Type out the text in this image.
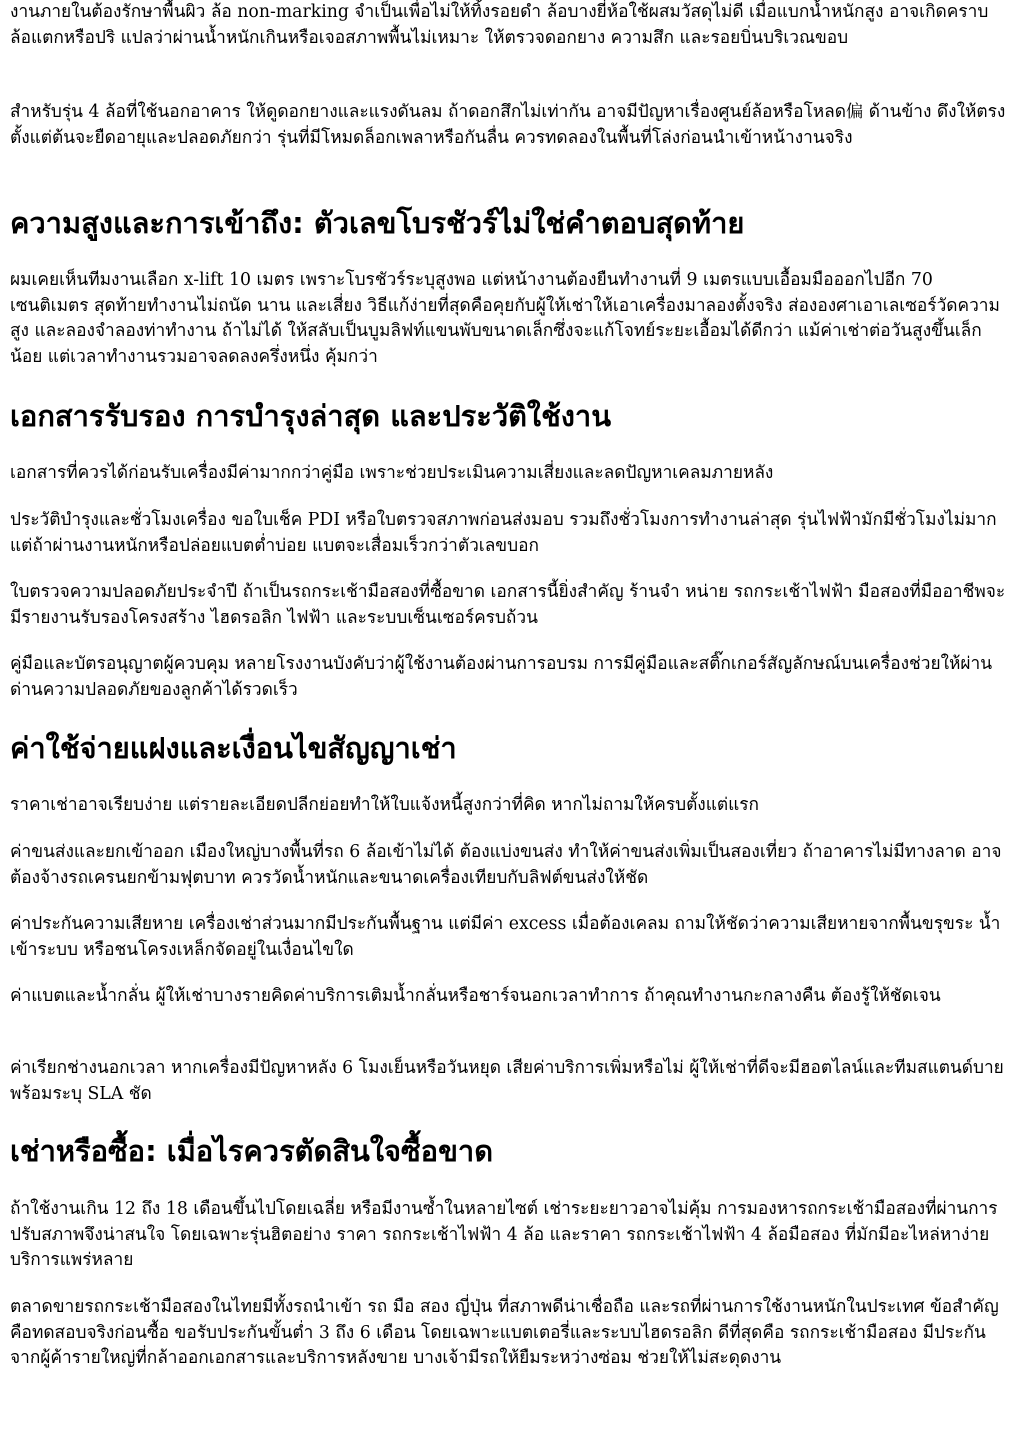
งานภายในต้องรักษาพื้นผิว ล้อ non-marking จำเป็นเพื่อไม่ให้ทิ้งรอยดำ ล้อบางยี่ห้อใช้ผสมวัสดุไม่ดี เมื่อแบกน้ำหนักสูง อาจเกิดคราบ ล้อแตกหรือปริ แปลว่าผ่านน้ำหนักเกินหรือเจอสภาพพื้นไม่เหมาะ ให้ตรวจดอกยาง ความสึก และรอยบิ่นบริเวณขอบ

สำหรับรุ่น 4 ล้อที่ใช้นอกอาคาร ให้ดูดอกยางและแรงดันลม ถ้าดอกสึกไม่เท่ากัน อาจมีปัญหาเรื่องศูนย์ล้อหรือโหลด偏 ด้านข้าง ดึงให้ตรงตั้งแต่ต้นจะยืดอายุและปลอดภัยกว่า รุ่นที่มีโหมดล็อกเพลาหรือกันลื่น ควรทดลองในพื้นที่โล่งก่อนนำเข้าหน้างานจริง

ความสูงและการเข้าถึง: ตัวเลขโบรชัวร์ไม่ใช่คำตอบสุดท้าย

ผมเคยเห็นทีมงานเลือก x-lift 10 เมตร เพราะโบรชัวร์ระบุสูงพอ แต่หน้างานต้องยืนทำงานที่ 9 เมตรแบบเอื้อมมือออกไปอีก 70 เซนติเมตร สุดท้ายทำงานไม่ถนัด นาน และเสี่ยง วิธีแก้ง่ายที่สุดคือคุยกับผู้ให้เช่าให้เอาเครื่องมาลองตั้งจริง ส่ององศาเอาเลเซอร์วัดความสูง และลองจำลองท่าทำงาน ถ้าไม่ได้ ให้สลับเป็นบูมลิฟท์แขนพับขนาดเล็กซึ่งจะแก้โจทย์ระยะเอื้อมได้ดีกว่า แม้ค่าเช่าต่อวันสูงขึ้นเล็กน้อย แต่เวลาทำงานรวมอาจลดลงครึ่งหนึ่ง คุ้มกว่า

เอกสารรับรอง การบำรุงล่าสุด และประวัติใช้งาน

เอกสารที่ควรได้ก่อนรับเครื่องมีค่ามากกว่าคู่มือ เพราะช่วยประเมินความเสี่ยงและลดปัญหาเคลมภายหลัง

ประวัติบำรุงและชั่วโมงเครื่อง ขอใบเช็ค PDI หรือใบตรวจสภาพก่อนส่งมอบ รวมถึงชั่วโมงการทำงานล่าสุด รุ่นไฟฟ้ามักมีชั่วโมงไม่มาก แต่ถ้าผ่านงานหนักหรือปล่อยแบตต่ำบ่อย แบตจะเสื่อมเร็วกว่าตัวเลขบอก

ใบตรวจความปลอดภัยประจำปี ถ้าเป็นรถกระเช้ามือสองที่ซื้อขาด เอกสารนี้ยิ่งสำคัญ ร้านจำ หน่าย รถกระเช้าไฟฟ้า มือสองที่มืออาชีพจะมีรายงานรับรองโครงสร้าง ไฮดรอลิก ไฟฟ้า และระบบเซ็นเซอร์ครบถ้วน

คู่มือและบัตรอนุญาตผู้ควบคุม หลายโรงงานบังคับว่าผู้ใช้งานต้องผ่านการอบรม การมีคู่มือและสติ๊กเกอร์สัญลักษณ์บนเครื่องช่วยให้ผ่านด่านความปลอดภัยของลูกค้าได้รวดเร็ว

ค่าใช้จ่ายแฝงและเงื่อนไขสัญญาเช่า

ราคาเช่าอาจเรียบง่าย แต่รายละเอียดปลีกย่อยทำให้ใบแจ้งหนี้สูงกว่าที่คิด หากไม่ถามให้ครบตั้งแต่แรก

ค่าขนส่งและยกเข้าออก เมืองใหญ่บางพื้นที่รถ 6 ล้อเข้าไม่ได้ ต้องแบ่งขนส่ง ทำให้ค่าขนส่งเพิ่มเป็นสองเที่ยว ถ้าอาคารไม่มีทางลาด อาจต้องจ้างรถเครนยกข้ามฟุตบาท ควรวัดน้ำหนักและขนาดเครื่องเทียบกับลิฟต์ขนส่งให้ชัด

ค่าประกันความเสียหาย เครื่องเช่าส่วนมากมีประกันพื้นฐาน แต่มีค่า excess เมื่อต้องเคลม ถามให้ชัดว่าความเสียหายจากพื้นขรุขระ น้ำเข้าระบบ หรือชนโครงเหล็กจัดอยู่ในเงื่อนไขใด

ค่าแบตและน้ำกลั่น ผู้ให้เช่าบางรายคิดค่าบริการเติมน้ำกลั่นหรือชาร์จนอกเวลาทำการ ถ้าคุณทำงานกะกลางคืน ต้องรู้ให้ชัดเจน

ค่าเรียกช่างนอกเวลา หากเครื่องมีปัญหาหลัง 6 โมงเย็นหรือวันหยุด เสียค่าบริการเพิ่มหรือไม่ ผู้ให้เช่าที่ดีจะมีฮอตไลน์และทีมสแตนด์บาย พร้อมระบุ SLA ชัด

เช่าหรือซื้อ: เมื่อไรควรตัดสินใจซื้อขาด

ถ้าใช้งานเกิน 12 ถึง 18 เดือนขึ้นไปโดยเฉลี่ย หรือมีงานซ้ำในหลายไซต์ เช่าระยะยาวอาจไม่คุ้ม การมองหารถกระเช้ามือสองที่ผ่านการปรับสภาพจึงน่าสนใจ โดยเฉพาะรุ่นฮิตอย่าง ราคา รถกระเช้าไฟฟ้า 4 ล้อ และราคา รถกระเช้าไฟฟ้า 4 ล้อมือสอง ที่มักมีอะไหล่หาง่าย บริการแพร่หลาย

ตลาดขายรถกระเช้ามือสองในไทยมีทั้งรถนำเข้า รถ มือ สอง ญี่ปุ่น ที่สภาพดีน่าเชื่อถือ และรถที่ผ่านการใช้งานหนักในประเทศ ข้อสำคัญคือทดสอบจริงก่อนซื้อ ขอรับประกันขั้นต่ำ 3 ถึง 6 เดือน โดยเฉพาะแบตเตอรี่และระบบไฮดรอลิก ดีที่สุดคือ รถกระเช้ามือสอง มีประกัน จากผู้ค้ารายใหญ่ที่กล้าออกเอกสารและบริการหลังขาย บางเจ้ามีรถให้ยืมระหว่างซ่อม ช่วยให้ไม่สะดุดงาน
